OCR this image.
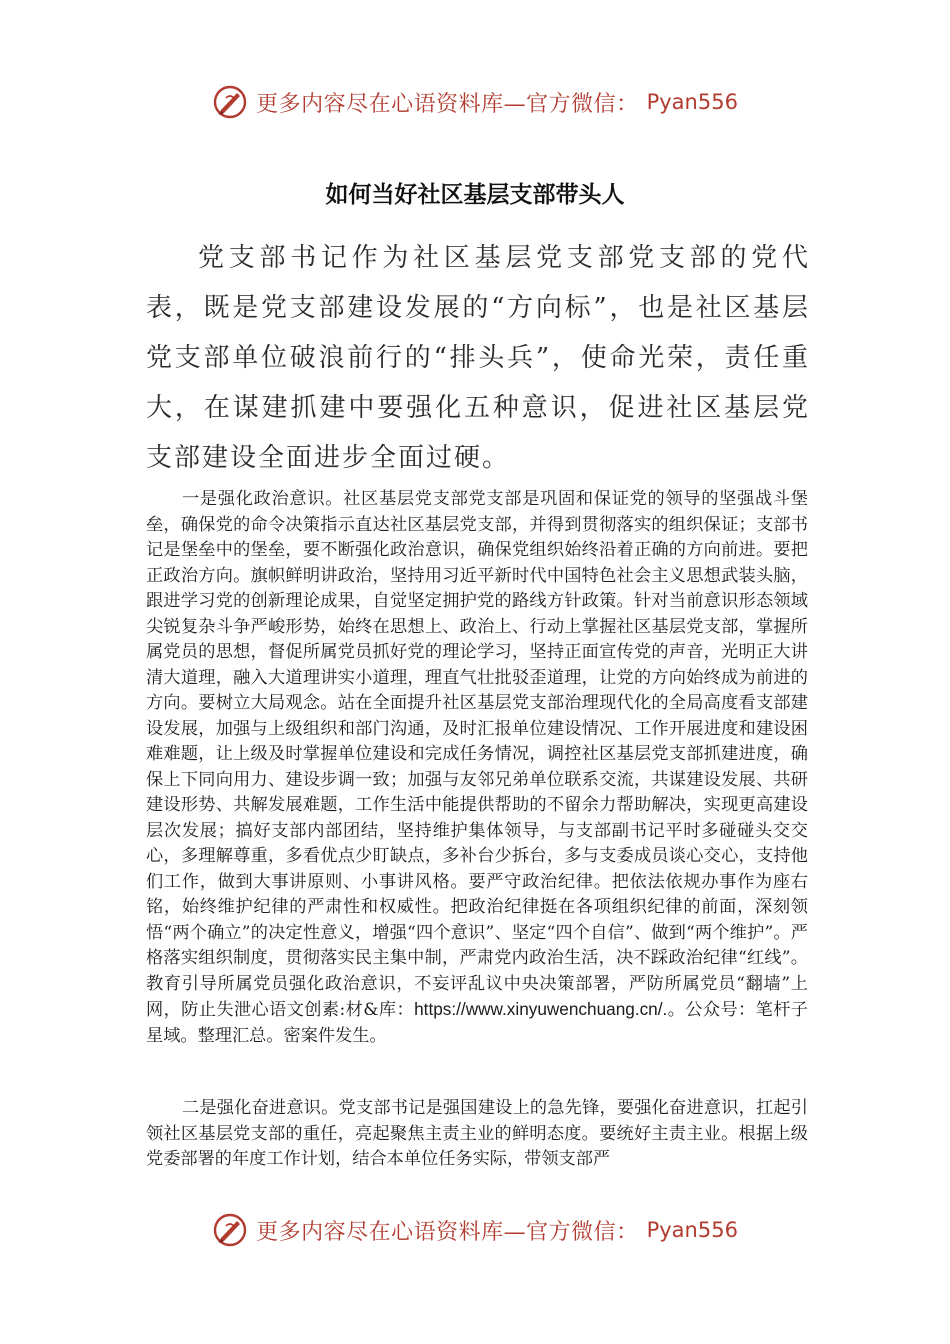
更多内容尽在心语资料库—官方微信： Pyan556
如何当好社区基层支部带头人

党支部书记作为社区基层党支部党支部的党代表，既是党支部建设发展的“方向标”，也是社区基层党支部单位破浪前行的“排头兵”，使命光荣，责任重大，在谋建抓建中要强化五种意识，促进社区基层党支部建设全面进步全面过硬。

一是强化政治意识。社区基层党支部党支部是巩固和保证党的领导的坚强战斗堡垒，确保党的命令决策指示直达社区基层党支部，并得到贯彻落实的组织保证；支部书记是堡垒中的堡垒，要不断强化政治意识，确保党组织始终沿着正确的方向前进。要把正政治方向。旗帜鲜明讲政治，坚持用习近平新时代中国特色社会主义思想武装头脑，跟进学习党的创新理论成果，自觉坚定拥护党的路线方针政策。针对当前意识形态领域尖锐复杂斗争严峻形势，始终在思想上、政治上、行动上掌握社区基层党支部，掌握所属党员的思想，督促所属党员抓好党的理论学习，坚持正面宣传党的声音，光明正大讲清大道理，融入大道理讲实小道理，理直气壮批驳歪道理，让党的方向始终成为前进的方向。要树立大局观念。站在全面提升社区基层党支部治理现代化的全局高度看支部建设发展，加强与上级组织和部门沟通，及时汇报单位建设情况、工作开展进度和建设困难难题，让上级及时掌握单位建设和完成任务情况，调控社区基层党支部抓建进度，确保上下同向用力、建设步调一致；加强与友邻兄弟单位联系交流，共谋建设发展、共研建设形势、共解发展难题，工作生活中能提供帮助的不留余力帮助解决，实现更高建设层次发展；搞好支部内部团结，坚持维护集体领导，与支部副书记平时多碰碰头交交心，多理解尊重，多看优点少盯缺点，多补台少拆台，多与支委成员谈心交心，支持他们工作，做到大事讲原则、小事讲风格。要严守政治纪律。把依法依规办事作为座右铭，始终维护纪律的严肃性和权威性。把政治纪律挺在各项组织纪律的前面，深刻领悟“两个确立”的决定性意义，增强“四个意识”、坚定“四个自信”、做到“两个维护”。严格落实组织制度，贯彻落实民主集中制，严肃党内政治生活，决不踩政治纪律“红线”。教育引导所属党员强化政治意识，不妄评乱议中央决策部署，严防所属党员“翻墙”上网，防止失泄心语文创素:材&库：https://www.xinyuwenchuang.cn/.。公众号：笔杆子星域。整理汇总。密案件发生。

二是强化奋进意识。党支部书记是强国建设上的急先锋，要强化奋进意识，扛起引领社区基层党支部的重任，亮起聚焦主责主业的鲜明态度。要统好主责主业。根据上级党委部署的年度工作计划，结合本单位任务实际，带领支部严

更多内容尽在心语资料库—官方微信： Pyan556
